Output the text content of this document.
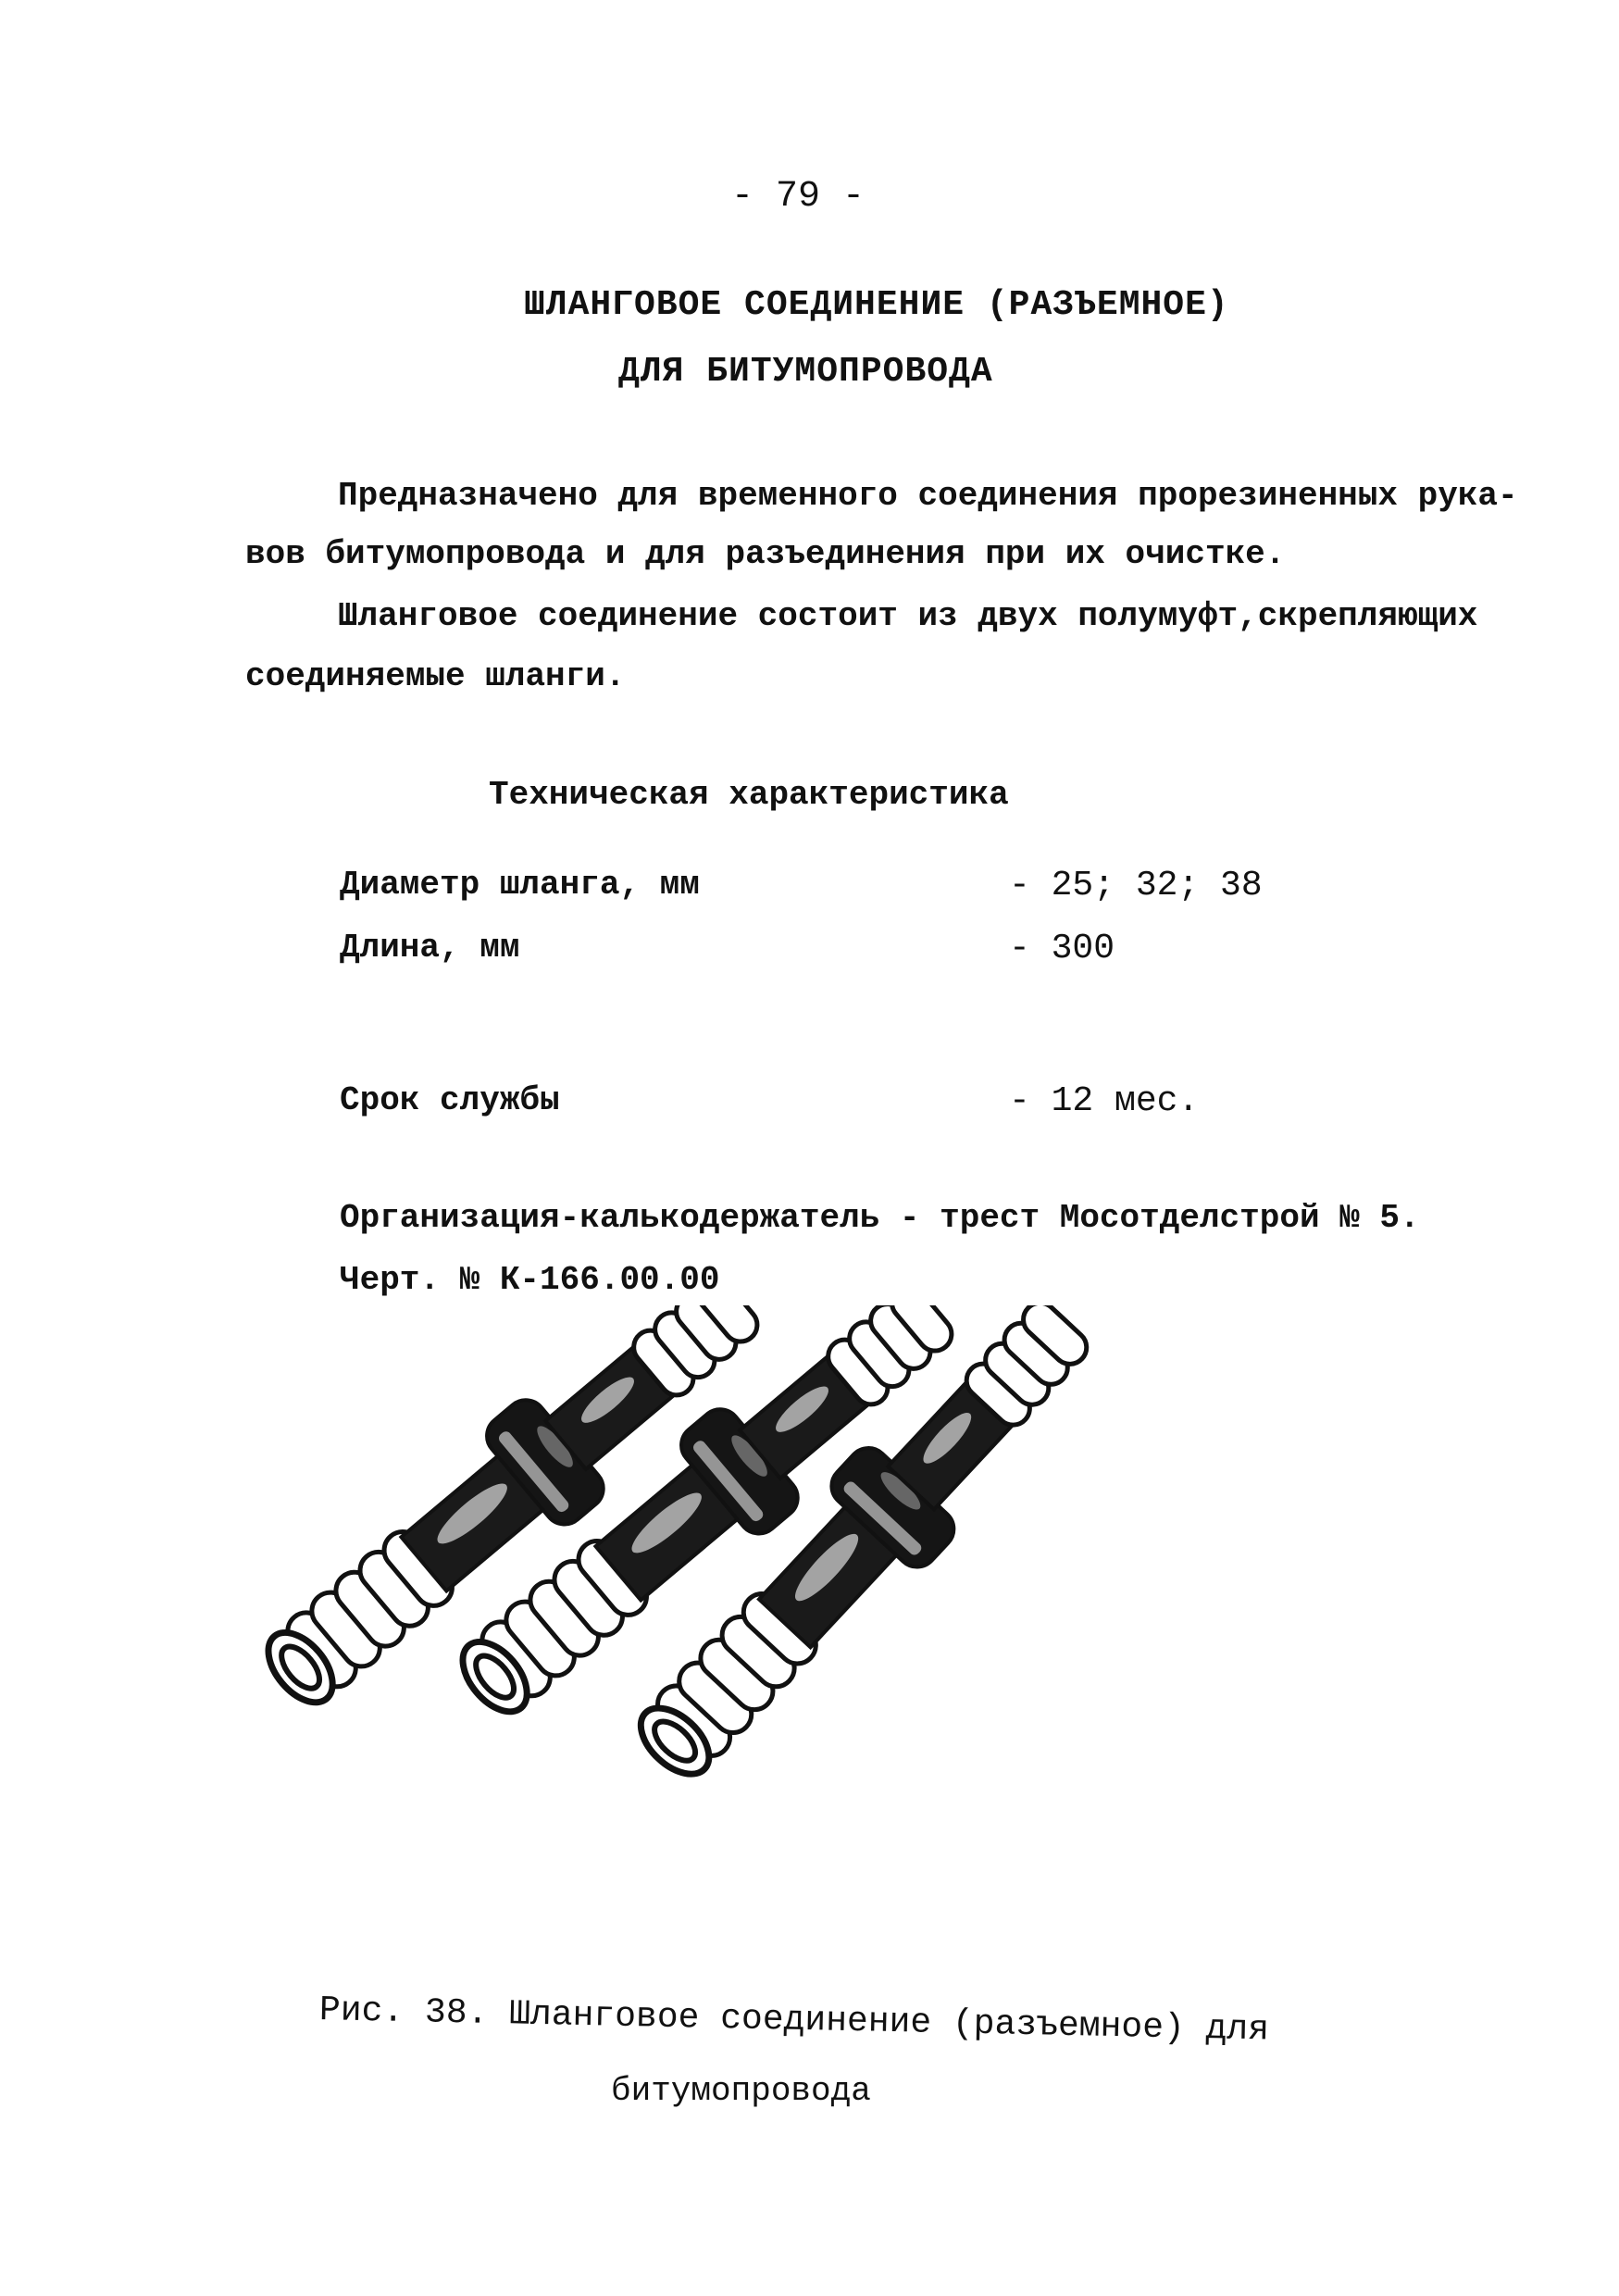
- 79 -
ШЛАНГОВОЕ СОЕДИНЕНИЕ (РАЗЪЕМНОЕ)
ДЛЯ БИТУМОПРОВОДА
Предназначено для временного соединения прорезиненных рука-
вов битумопровода и для разъединения при их очистке.
Шланговое соединение состоит из двух полумуфт,скрепляющих
соединяемые шланги.
Техническая характеристика
Диаметр шланга, мм	- 25; 32; 38
Длина, мм	- 300
Срок службы	- 12 мес.
Организация-калькодержатель - трест Мосотделстрой № 5.
Черт. № К-166.00.00
Рис. 38. Шланговое соединение (разъемное) для
битумопровода
